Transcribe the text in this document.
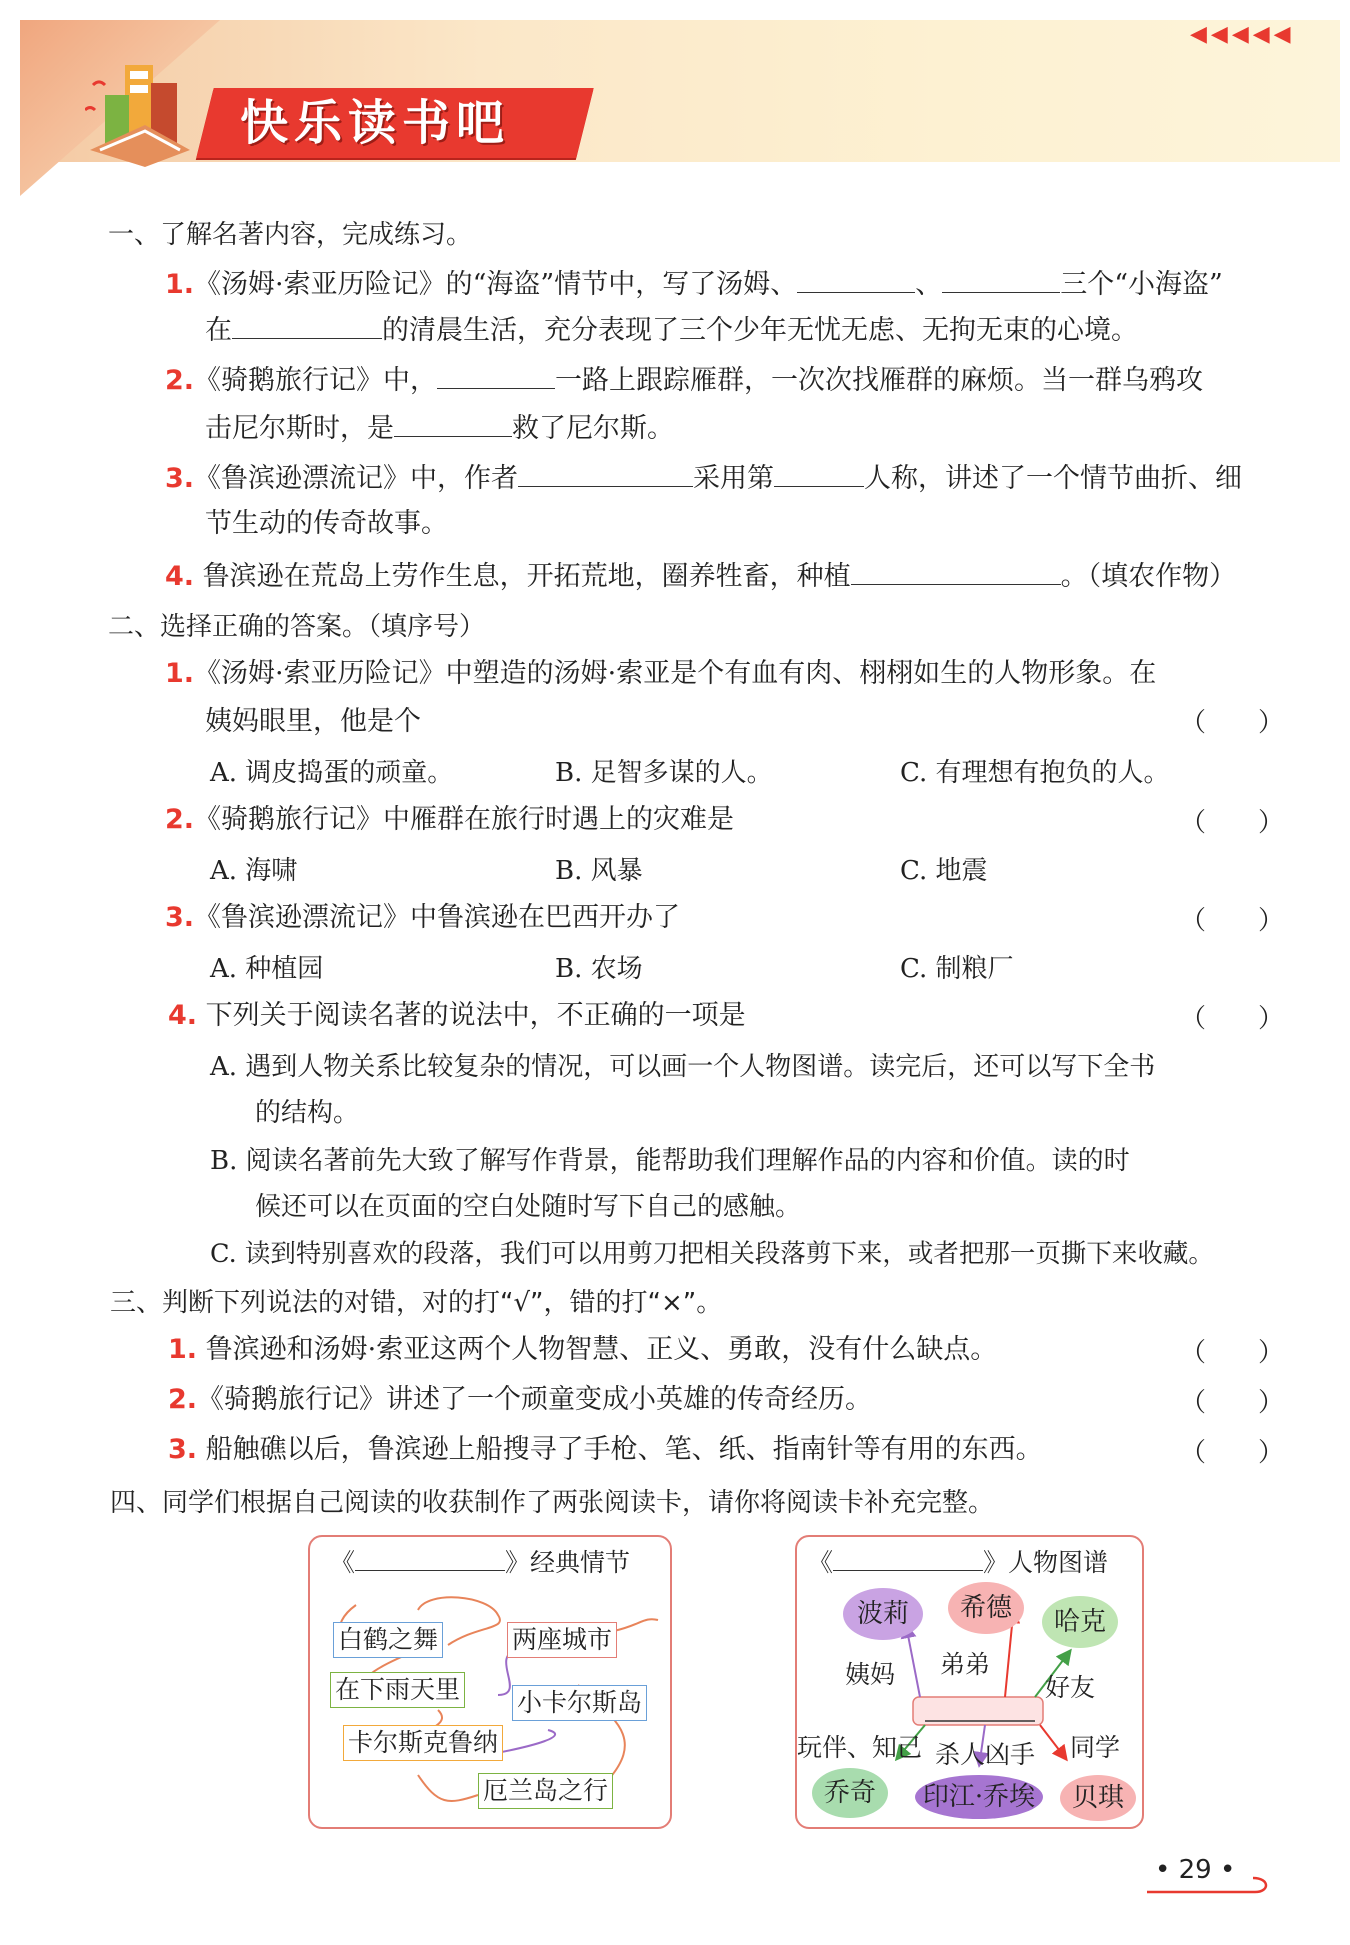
◀◀◀◀◀
快乐读书吧
一、了解名著内容，完成练习。
1.《汤姆·索亚历险记》的“海盗”情节中，写了汤姆、	、	三个“小海盗”
在	的清晨生活，充分表现了三个少年无忧无虑、无拘无束的心境。
2.《骑鹅旅行记》中，	一路上跟踪雁群，一次次找雁群的麻烦。当一群乌鸦攻
击尼尔斯时，是	救了尼尔斯。
3.《鲁滨逊漂流记》中，作者	采用第	人称，讲述了一个情节曲折、细
节生动的传奇故事。
4. 鲁滨逊在荒岛上劳作生息，开拓荒地，圈养牲畜，种植	。（填农作物）
二、选择正确的答案。（填序号）
1.《汤姆·索亚历险记》中塑造的汤姆·索亚是个有血有肉、栩栩如生的人物形象。在
姨妈眼里，他是个	（　　）
A. 调皮捣蛋的顽童。	B. 足智多谋的人。	C. 有理想有抱负的人。
2.《骑鹅旅行记》中雁群在旅行时遇上的灾难是	（　　）
A. 海啸	B. 风暴	C. 地震
3.《鲁滨逊漂流记》中鲁滨逊在巴西开办了	（　　）
A. 种植园	B. 农场	C. 制粮厂
4. 下列关于阅读名著的说法中，不正确的一项是	（　　）
A. 遇到人物关系比较复杂的情况，可以画一个人物图谱。读完后，还可以写下全书
的结构。
B. 阅读名著前先大致了解写作背景，能帮助我们理解作品的内容和价值。读的时
候还可以在页面的空白处随时写下自己的感触。
C. 读到特别喜欢的段落，我们可以用剪刀把相关段落剪下来，或者把那一页撕下来收藏。
三、判断下列说法的对错，对的打“√”，错的打“×”。
1. 鲁滨逊和汤姆·索亚这两个人物智慧、正义、勇敢，没有什么缺点。	（　　）
2.《骑鹅旅行记》讲述了一个顽童变成小英雄的传奇经历。	（　　）
3. 船触礁以后，鲁滨逊上船搜寻了手枪、笔、纸、指南针等有用的东西。	（　　）
四、同学们根据自己阅读的收获制作了两张阅读卡，请你将阅读卡补充完整。
《	》经典情节
白鹤之舞	两座城市
在下雨天里 小卡尔斯岛
卡尔斯克鲁纳
厄兰岛之行
《	》人物图谱
波莉	希德	哈克
乔奇	印江·乔埃	贝琪
姨妈 弟弟
好友
玩伴、知己 杀人凶手 同学
• 29 •
